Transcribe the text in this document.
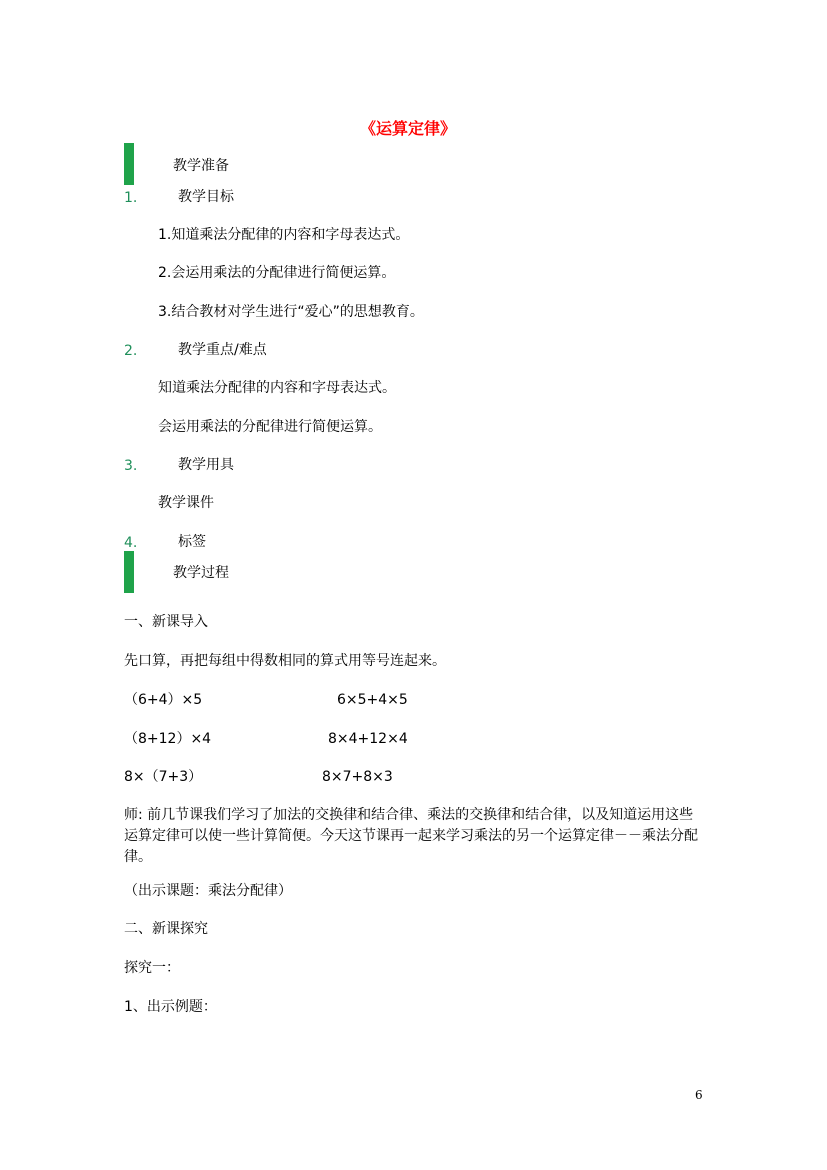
《运算定律》
教学准备
1.	教学目标
1.知道乘法分配律的内容和字母表达式。
2.会运用乘法的分配律进行简便运算。
3.结合教材对学生进行“爱心”的思想教育。
2.	教学重点/难点
知道乘法分配律的内容和字母表达式。
会运用乘法的分配律进行简便运算。
3.	教学用具
教学课件
4.	标签
教学过程
一、新课导入
先口算，再把每组中得数相同的算式用等号连起来。
（6+4）×5	6×5+4×5
（8+12）×4	8×4+12×4
8×（7+3）	8×7+8×3
师: 前几节课我们学习了加法的交换律和结合律、乘法的交换律和结合律，以及知道运用这些运算定律可以使一些计算简便。今天这节课再一起来学习乘法的另一个运算定律－－乘法分配律。
（出示课题：乘法分配律）
二、新课探究
探究一：
1、出示例题：
6
